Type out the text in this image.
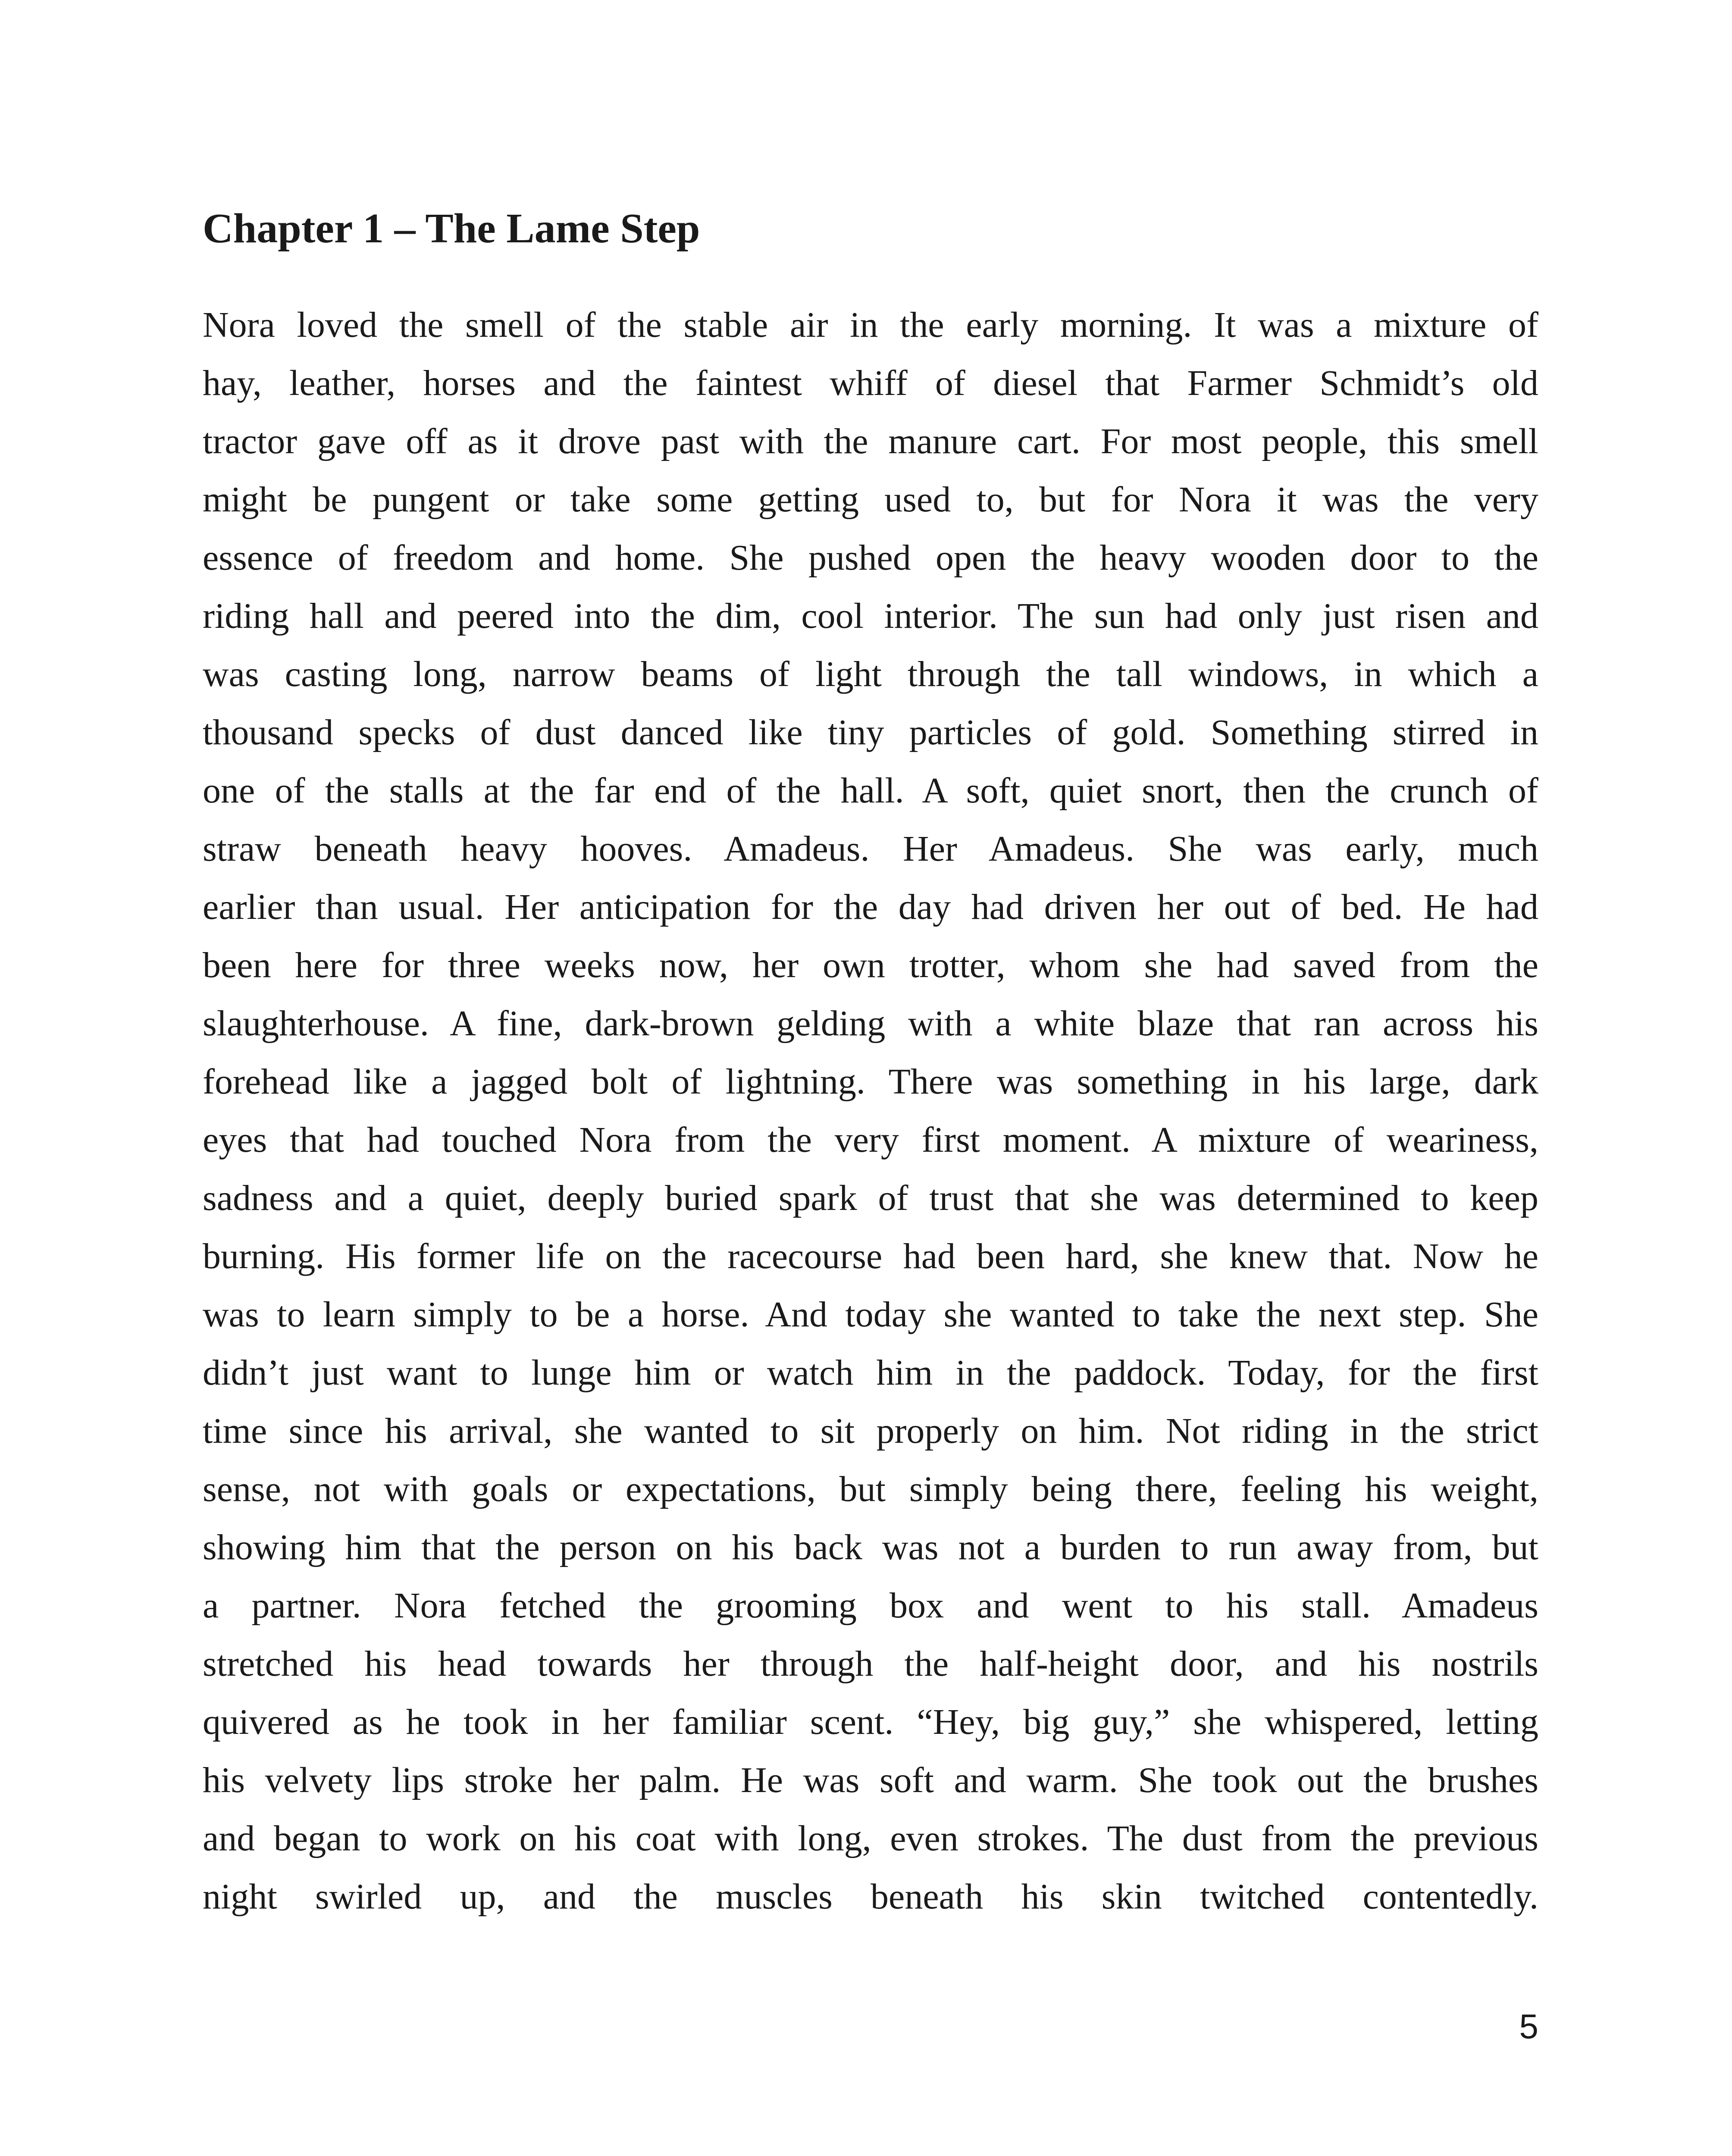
Chapter 1 – The Lame Step
Nora loved the smell of the stable air in the early morning. It was a mixture of
hay, leather, horses and the faintest whiff of diesel that Farmer Schmidt’s old
tractor gave off as it drove past with the manure cart. For most people, this smell
might be pungent or take some getting used to, but for Nora it was the very
essence of freedom and home. She pushed open the heavy wooden door to the
riding hall and peered into the dim, cool interior. The sun had only just risen and
was casting long, narrow beams of light through the tall windows, in which a
thousand specks of dust danced like tiny particles of gold. Something stirred in
one of the stalls at the far end of the hall. A soft, quiet snort, then the crunch of
straw beneath heavy hooves. Amadeus. Her Amadeus. She was early, much
earlier than usual. Her anticipation for the day had driven her out of bed. He had
been here for three weeks now, her own trotter, whom she had saved from the
slaughterhouse. A fine, dark-brown gelding with a white blaze that ran across his
forehead like a jagged bolt of lightning. There was something in his large, dark
eyes that had touched Nora from the very first moment. A mixture of weariness,
sadness and a quiet, deeply buried spark of trust that she was determined to keep
burning. His former life on the racecourse had been hard, she knew that. Now he
was to learn simply to be a horse. And today she wanted to take the next step. She
didn’t just want to lunge him or watch him in the paddock. Today, for the first
time since his arrival, she wanted to sit properly on him. Not riding in the strict
sense, not with goals or expectations, but simply being there, feeling his weight,
showing him that the person on his back was not a burden to run away from, but
a partner. Nora fetched the grooming box and went to his stall. Amadeus
stretched his head towards her through the half-height door, and his nostrils
quivered as he took in her familiar scent. “Hey, big guy,” she whispered, letting
his velvety lips stroke her palm. He was soft and warm. She took out the brushes
and began to work on his coat with long, even strokes. The dust from the previous
night swirled up, and the muscles beneath his skin twitched contentedly.
5
